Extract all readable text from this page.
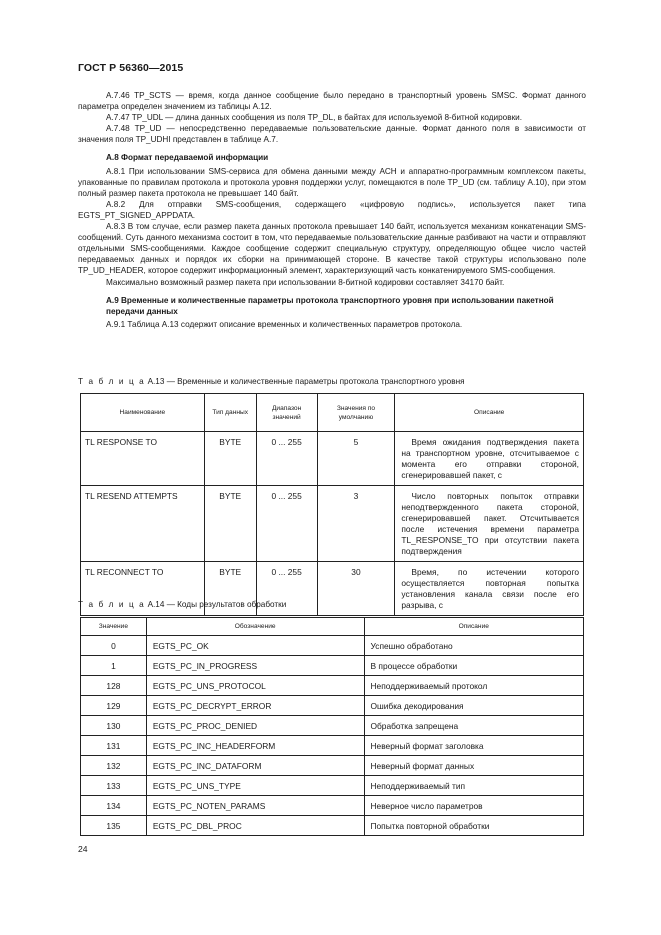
ГОСТ Р 56360—2015

A.7.46 TP_SCTS — время, когда данное сообщение было передано в транспортный уровень SMSC. Формат данного параметра определен значением из таблицы A.12.

A.7.47 TP_UDL — длина данных сообщения из поля TP_DL, в байтах для используемой 8-битной кодировки.

A.7.48 TP_UD — непосредственно передаваемые пользовательские данные. Формат данного поля в зависимости от значения поля TP_UDHI представлен в таблице A.7.

A.8 Формат передаваемой информации

A.8.1 При использовании SMS-сервиса для обмена данными между АСН и аппаратно-программным комплексом пакеты, упакованные по правилам протокола и протокола уровня поддержки услуг, помещаются в поле TP_UD (см. таблицу A.10), при этом полный размер пакета протокола не превышает 140 байт.

A.8.2 Для отправки SMS-сообщения, содержащего «цифровую подпись», используется пакет типа EGTS_PT_SIGNED_APPDATA.

A.8.3 В том случае, если размер пакета данных протокола превышает 140 байт, используется механизм конкатенации SMS-сообщений. Суть данного механизма состоит в том, что передаваемые пользовательские данные разбивают на части и отправляют отдельными SMS-сообщениями. Каждое сообщение содержит специальную структуру, определяющую общее число частей передаваемых данных и порядок их сборки на принимающей стороне. В качестве такой структуры использовано поле TP_UD_HEADER, которое содержит информационный элемент, характеризующий часть конкатенируемого SMS-сообщения.

Максимально возможный размер пакета при использовании 8-битной кодировки составляет 34170 байт.

A.9 Временные и количественные параметры протокола транспортного уровня при использовании пакетной передачи данных

A.9.1 Таблица A.13 содержит описание временных и количественных параметров протокола.

Т а б л и ц а A.13 — Временные и количественные параметры протокола транспортного уровня
Наименование	Тип данных	Диапазон значений	Значения по умолчанию	Описание
TL RESPONSE TO	BYTE	0 ... 255	5	Время ожидания подтверждения пакета на транспортном уровне, отсчитываемое с момента его отправки стороной, сгенерировавшей пакет, с
TL RESEND ATTEMPTS	BYTE	0 ... 255	3	Число повторных попыток отправки неподтвержденного пакета стороной, сгенерировавшей пакет. Отсчитывается после истечения времени параметра TL_RESPONSE_TO при отсутствии пакета подтверждения
TL RECONNECT TO	BYTE	0 ... 255	30	Время, по истечении которого осуществляется повторная попытка установления канала связи после его разрыва, с
Т а б л и ц а A.14 — Коды результатов обработки
Значение	Обозначение	Описание
0	EGTS_PC_OK	Успешно обработано
1	EGTS_PC_IN_PROGRESS	В процессе обработки
128	EGTS_PC_UNS_PROTOCOL	Неподдерживаемый протокол
129	EGTS_PC_DECRYPT_ERROR	Ошибка декодирования
130	EGTS_PC_PROC_DENIED	Обработка запрещена
131	EGTS_PC_INC_HEADERFORM	Неверный формат заголовка
132	EGTS_PC_INC_DATAFORM	Неверный формат данных
133	EGTS_PC_UNS_TYPE	Неподдерживаемый тип
134	EGTS_PC_NOTEN_PARAMS	Неверное число параметров
135	EGTS_PC_DBL_PROC	Попытка повторной обработки
24
